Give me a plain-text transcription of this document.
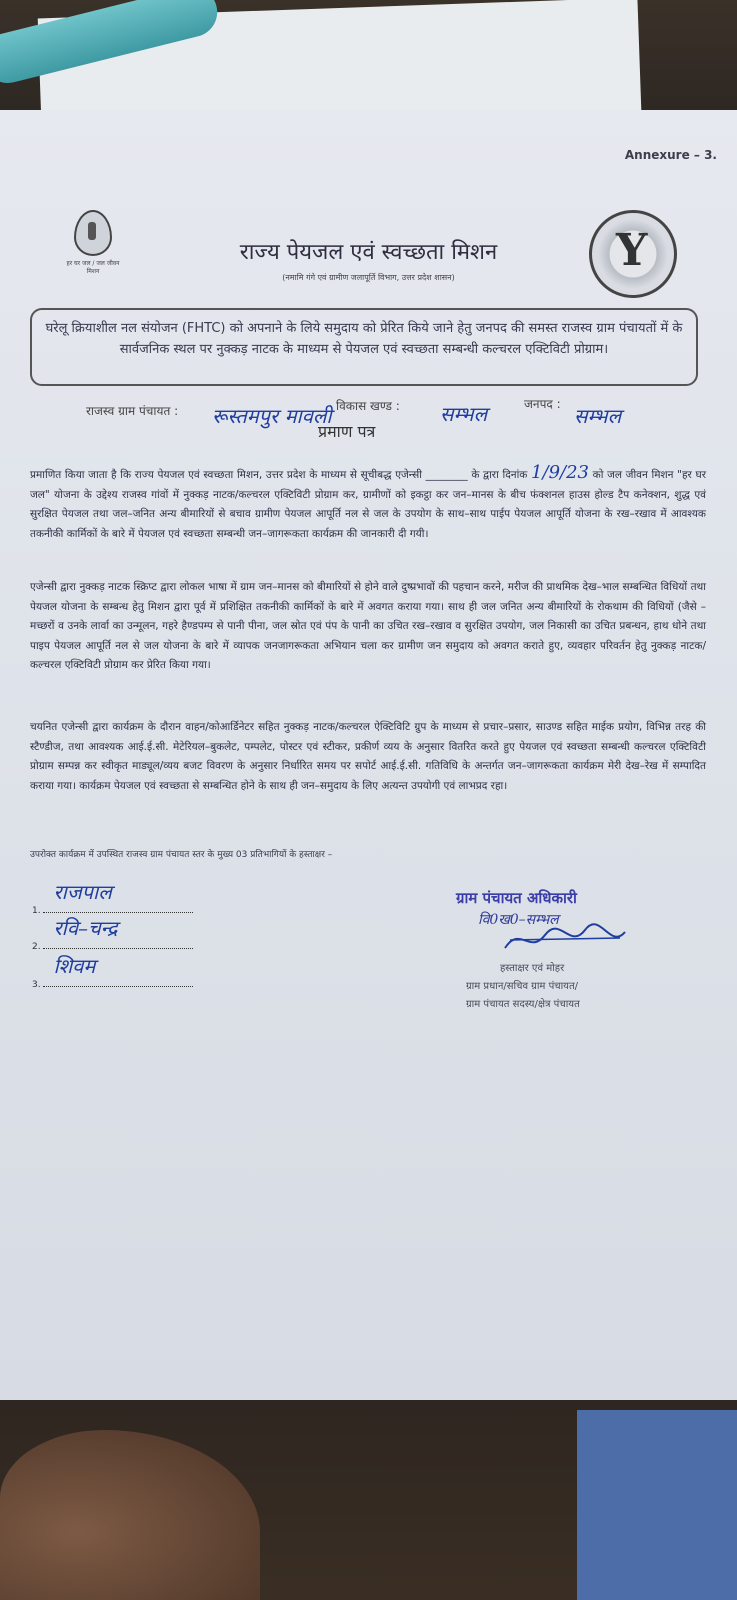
Annexure – 3.
हर घर जल / जल जीवन मिशन
Y
राज्य पेयजल एवं स्वच्छता मिशन
(नमामि गंगे एवं ग्रामीण जलापूर्ति विभाग, उत्तर प्रदेश शासन)
घरेलू क्रियाशील नल संयोजन (FHTC) को अपनाने के लिये समुदाय को प्रेरित किये जाने हेतु जनपद की समस्त राजस्व ग्राम पंचायतों में के सार्वजनिक स्थल पर नुक्कड़ नाटक के माध्यम से पेयजल एवं स्वच्छता सम्बन्धी कल्चरल एक्टिविटी प्रोग्राम।
राजस्व ग्राम पंचायत : रूस्तमपुर मावली विकास खण्ड : सम्भल	जनपद : सम्भल
प्रमाण पत्र
प्रमाणित किया जाता है कि राज्य पेयजल एवं स्वच्छता मिशन, उत्तर प्रदेश के माध्यम से सूचीबद्ध एजेन्सी ________ के द्वारा दिनांक 1/9/23 को जल जीवन मिशन "हर घर जल" योजना के उद्देश्य राजस्व गांवों में नुक्कड़ नाटक/कल्चरल एक्टिविटी प्रोग्राम कर, ग्रामीणों को इकट्ठा कर जन–मानस के बीच फंक्शनल हाउस होल्ड टैप कनेक्शन, शुद्ध एवं सुरक्षित पेयजल तथा जल–जनित अन्य बीमारियों से बचाव ग्रामीण पेयजल आपूर्ति नल से जल के उपयोग के साथ–साथ पाईप पेयजल आपूर्ति योजना के रख–रखाव में आवश्यक तकनीकी कार्मिकों के बारे में पेयजल एवं स्वच्छता सम्बन्धी जन–जागरूकता कार्यक्रम की जानकारी दी गयी।
एजेन्सी द्वारा नुक्कड़ नाटक स्क्रिप्ट द्वारा लोकल भाषा में ग्राम जन–मानस को बीमारियों से होने वाले दुष्प्रभावों की पहचान करने, मरीज की प्राथमिक देख–भाल सम्बन्धित विधियों तथा पेयजल योजना के सम्बन्ध हेतु मिशन द्वारा पूर्व में प्रशिक्षित तकनीकी कार्मिकों के बारे में अवगत कराया गया। साथ ही जल जनित अन्य बीमारियों के रोकथाम की विधियों (जैसे –मच्छरों व उनके लार्वा का उन्मूलन, गहरे हैण्डपम्प से पानी पीना, जल स्रोत एवं पंप के पानी का उचित रख–रखाव व सुरक्षित उपयोग, जल निकासी का उचित प्रबन्धन, हाथ धोने तथा पाइप पेयजल आपूर्ति नल से जल योजना के बारे में व्यापक जनजागरूकता अभियान चला कर ग्रामीण जन समुदाय को अवगत कराते हुए, व्यवहार परिवर्तन हेतु नुक्कड़ नाटक/कल्चरल एक्टिविटी प्रोग्राम कर प्रेरित किया गया।
चयनित एजेन्सी द्वारा कार्यक्रम के दौरान वाहन/कोआर्डिनेटर सहित नुक्कड़ नाटक/कल्चरल ऐक्टिविटि ग्रुप के माध्यम से प्रचार–प्रसार, साउण्ड सहित माईक प्रयोग, विभिन्न तरह की स्टैण्डीज, तथा आवश्यक आई.ई.सी. मेटेरियल–बुकलेट, पम्पलेट, पोस्टर एवं स्टीकर, प्रकीर्ण व्यय के अनुसार वितरित करते हुए पेयजल एवं स्वच्छता सम्बन्धी कल्चरल एक्टिविटी प्रोग्राम सम्पन्न कर स्वीकृत माड्यूल/व्यय बजट विवरण के अनुसार निर्धारित समय पर सपोर्ट आई.ई.सी. गतिविधि के अन्तर्गत जन–जागरूकता कार्यक्रम मेरी देख–रेख में सम्पादित कराया गया। कार्यक्रम पेयजल एवं स्वच्छता से सम्बन्धित होने के साथ ही जन–समुदाय के लिए अत्यन्त उपयोगी एवं लाभप्रद रहा।
उपरोक्त कार्यक्रम में उपस्थित राजस्व ग्राम पंचायत स्तर के मुख्य 03 प्रतिभागियों के हस्ताक्षर –
1.
राजपाल
2.
रवि–चन्द्र
3.
शिवम
ग्राम पंचायत अधिकारी
वि0ख0–सम्भल
हस्ताक्षर एवं मोहर
ग्राम प्रधान/सचिव ग्राम पंचायत/
ग्राम पंचायत सदस्य/क्षेत्र पंचायत
